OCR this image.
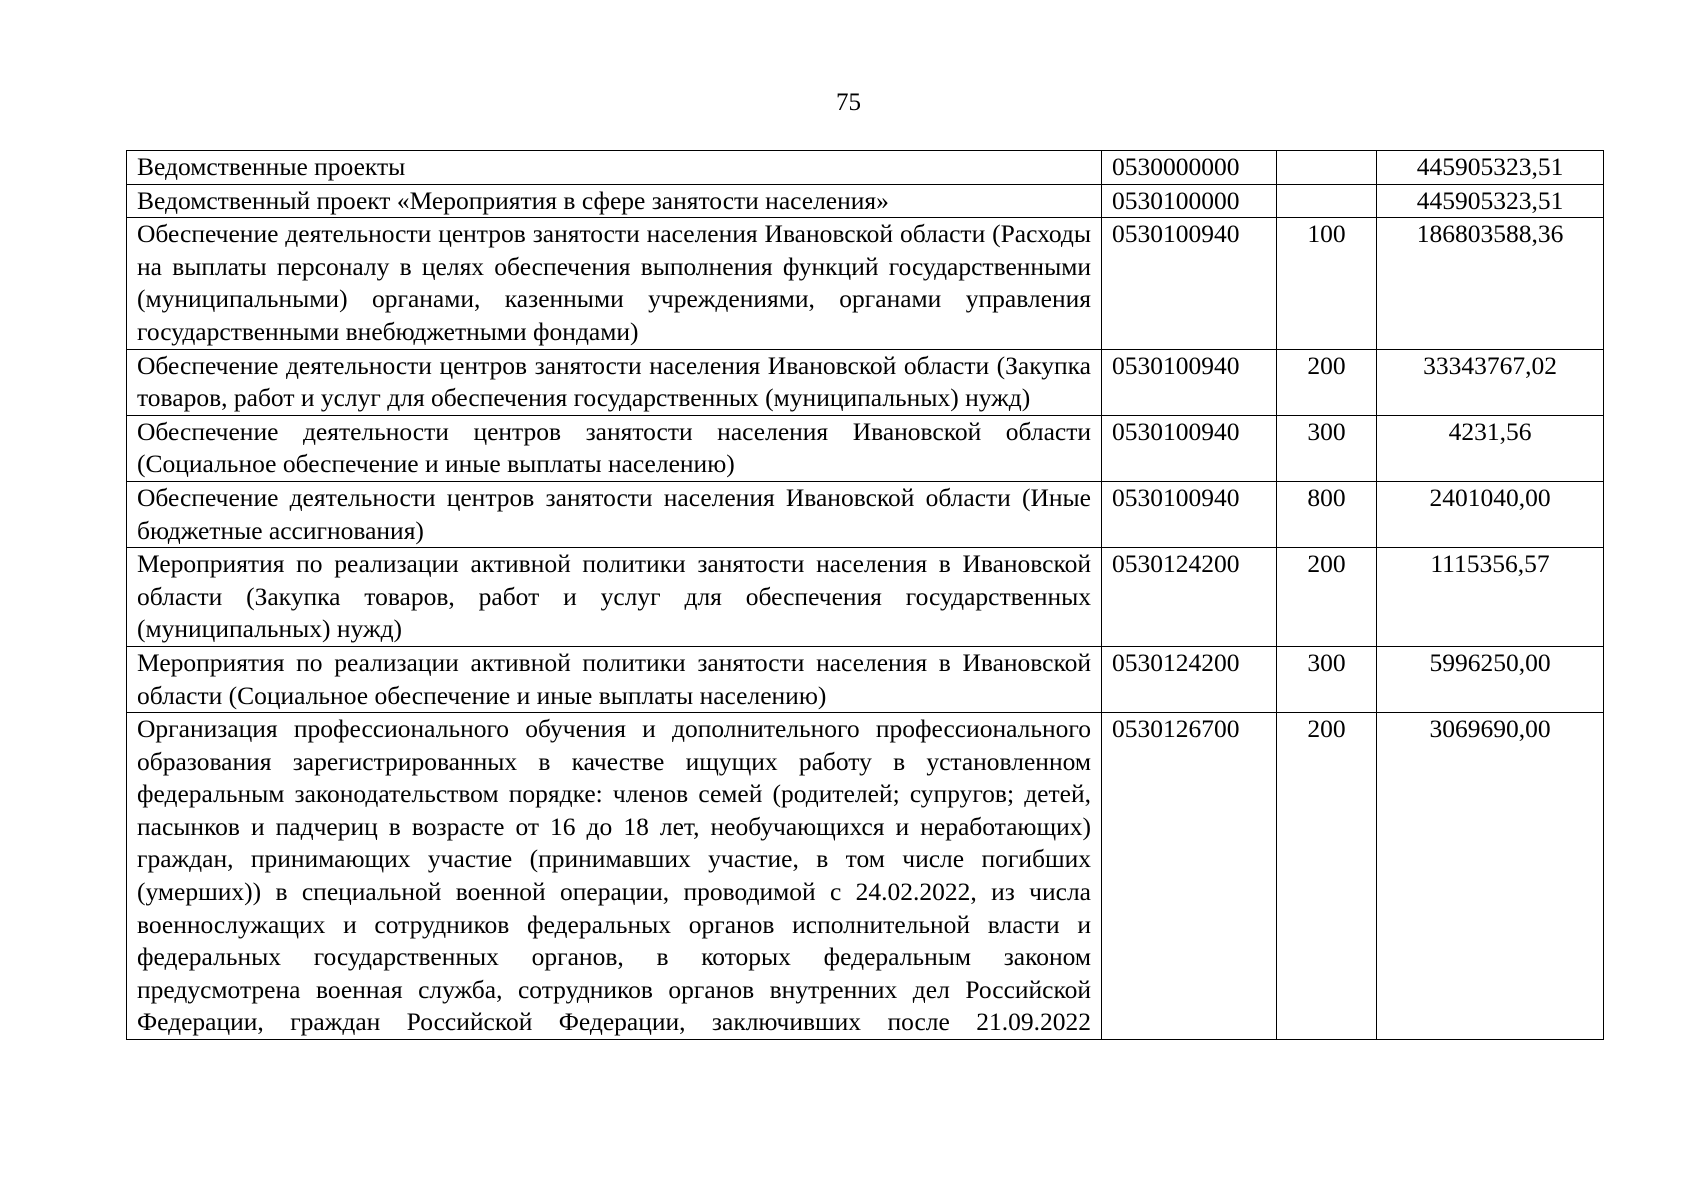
75
Ведомственные проекты	0530000000		445905323,51
Ведомственный проект «Мероприятия в сфере занятости населения»	0530100000		445905323,51
Обеспечение деятельности центров занятости населения Ивановской области (Расходы на выплаты персоналу в целях обеспечения выполнения функций государственными (муниципальными) органами, казенными учреждениями, органами управления государственными внебюджетными фондами)	0530100940	100	186803588,36
Обеспечение деятельности центров занятости населения Ивановской области (Закупка товаров, работ и услуг для обеспечения государственных (муниципальных) нужд)	0530100940	200	33343767,02
Обеспечение деятельности центров занятости населения Ивановской области (Социальное обеспечение и иные выплаты населению)	0530100940	300	4231,56
Обеспечение деятельности центров занятости населения Ивановской области (Иные бюджетные ассигнования)	0530100940	800	2401040,00
Мероприятия по реализации активной политики занятости населения в Ивановской области (Закупка товаров, работ и услуг для обеспечения государственных (муниципальных) нужд)	0530124200	200	1115356,57
Мероприятия по реализации активной политики занятости населения в Ивановской области (Социальное обеспечение и иные выплаты населению)	0530124200	300	5996250,00
Организация профессионального обучения и дополнительного профессионального образования зарегистрированных в качестве ищущих работу в установленном федеральным законодательством порядке: членов семей (родителей; супругов; детей, пасынков и падчериц в возрасте от 16 до 18 лет, необучающихся и неработающих) граждан, принимающих участие (принимавших участие, в том числе погибших (умерших)) в специальной военной операции, проводимой с 24.02.2022, из числа военнослужащих и сотрудников федеральных органов исполнительной власти и федеральных государственных органов, в которых федеральным законом предусмотрена военная служба, сотрудников органов внутренних дел Российской Федерации, граждан Российской Федерации, заключивших после 21.09.2022	0530126700	200	3069690,00
